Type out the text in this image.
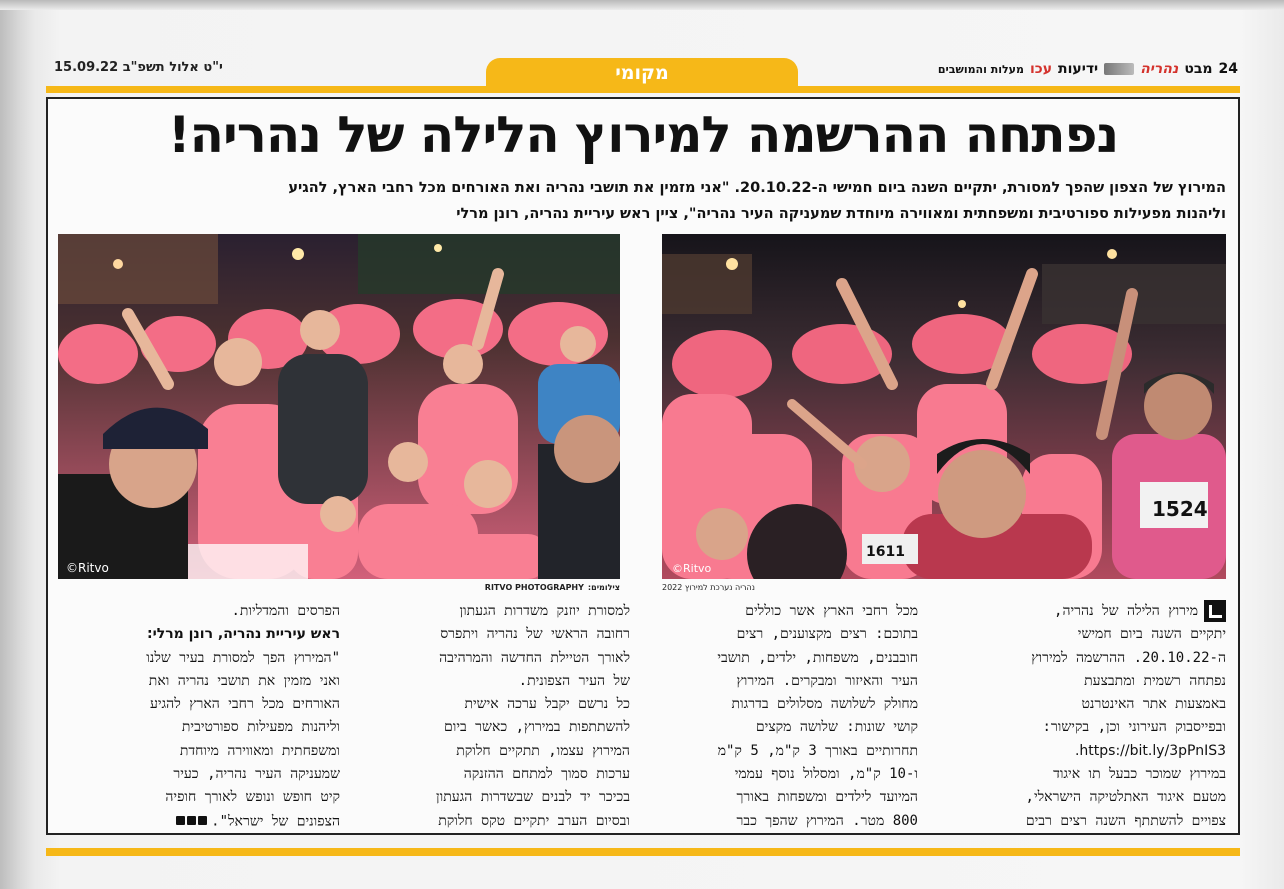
י"ט אלול תשפ"ב 15.09.22	מקומי	24
מבט
נהריה
ידיעות
עכו
מעלות והמושבים
נפתחה ההרשמה למירוץ הלילה של נהריה!
המירוץ של הצפון שהפך למסורת, יתקיים השנה ביום חמישי ה-20.10.22. "אני מזמין את תושבי נהריה ואת האורחים מכל רחבי הארץ, להגיע
וליהנות מפעילות ספורטיבית ומשפחתית ומאווירה מיוחדת שמעניקה העיר נהריה", ציין ראש עיריית נהריה, רונן מרלי
©Ritvo
1524
1611
©Ritvo
צילומים:RITVO PHOTOGRAPHY	נהריה נערכת למירוץ 2022
מירוץ הלילה של נהריה,
יתקיים השנה ביום חמישי
ה-20.10.22. ההרשמה למירוץ
נפתחה רשמית ומתבצעת
באמצעות אתר האינטרנט
ובפייסבוק העירוני וכן, בקישור:
https://bit.ly/3pPnIS3.
במירוץ שמוכר כבעל תו איגוד
מטעם איגוד האתלטיקה הישראלי,
צפויים להשתתף השנה רצים רבים
מכל רחבי הארץ אשר כוללים
בתוכם: רצים מקצוענים, רצים
חובבנים, משפחות, ילדים, תושבי
העיר והאיזור ומבקרים. המירוץ
מחולק לשלושה מסלולים בדרגות
קושי שונות: שלושה מקצים
תחרותיים באורך 3 ק"מ, 5 ק"מ
ו-10 ק"מ, ומסלול נוסף עממי
המיועד לילדים ומשפחות באורך
800 מטר. המירוץ שהפך כבר
למסורת יוזנק משדרות הגעתון
רחובה הראשי של נהריה ויתפרס
לאורך הטיילת החדשה והמרהיבה
של העיר הצפונית.
כל נרשם יקבל ערכה אישית
להשתתפות במירוץ, כאשר ביום
המירוץ עצמו, תתקיים חלוקת
ערכות סמוך למתחם ההזנקה
בכיכר יד לבנים שבשדרות הגעתון
ובסיום הערב יתקיים טקס חלוקת
הפרסים והמדליות.
ראש עיריית נהריה, רונן מרלי:
"המירוץ הפך למסורת בעיר שלנו
ואני מזמין את תושבי נהריה ואת
האורחים מכל רחבי הארץ להגיע
וליהנות מפעילות ספורטיבית
ומשפחתית ומאווירה מיוחדת
שמעניקה העיר נהריה, כעיר
קיט חופש ונופש לאורך חופיה
הצפונים של ישראל".
